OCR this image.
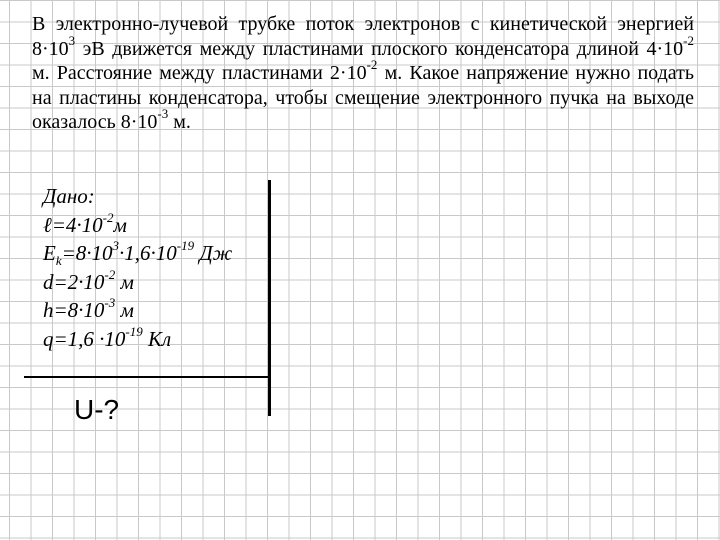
В электронно-лучевой трубке поток электронов с кинетической энергией $8\cdot 10^3$ эВ движется между пластинами плоского конденсатора длиной $4\cdot 10^{-2}$ м. Расстояние между пластинами $2\cdot 10^{-2}$ м. Какое напряжение нужно подать на пластины конденсатора, чтобы смещение электронного пучка на выходе оказалось $8\cdot 10^{-3}$ м.
Дано:
$\ell=4\cdot 10^{-2}м$
$E_k=8\cdot 10^3\cdot 1,6\cdot 10^{-19}$ Дж
$d=2\cdot 10^{-2}$ м
$h=8\cdot 10^{-3}$ м
$q=1,6 \cdot 10^{-19}$ Кл
U-?
